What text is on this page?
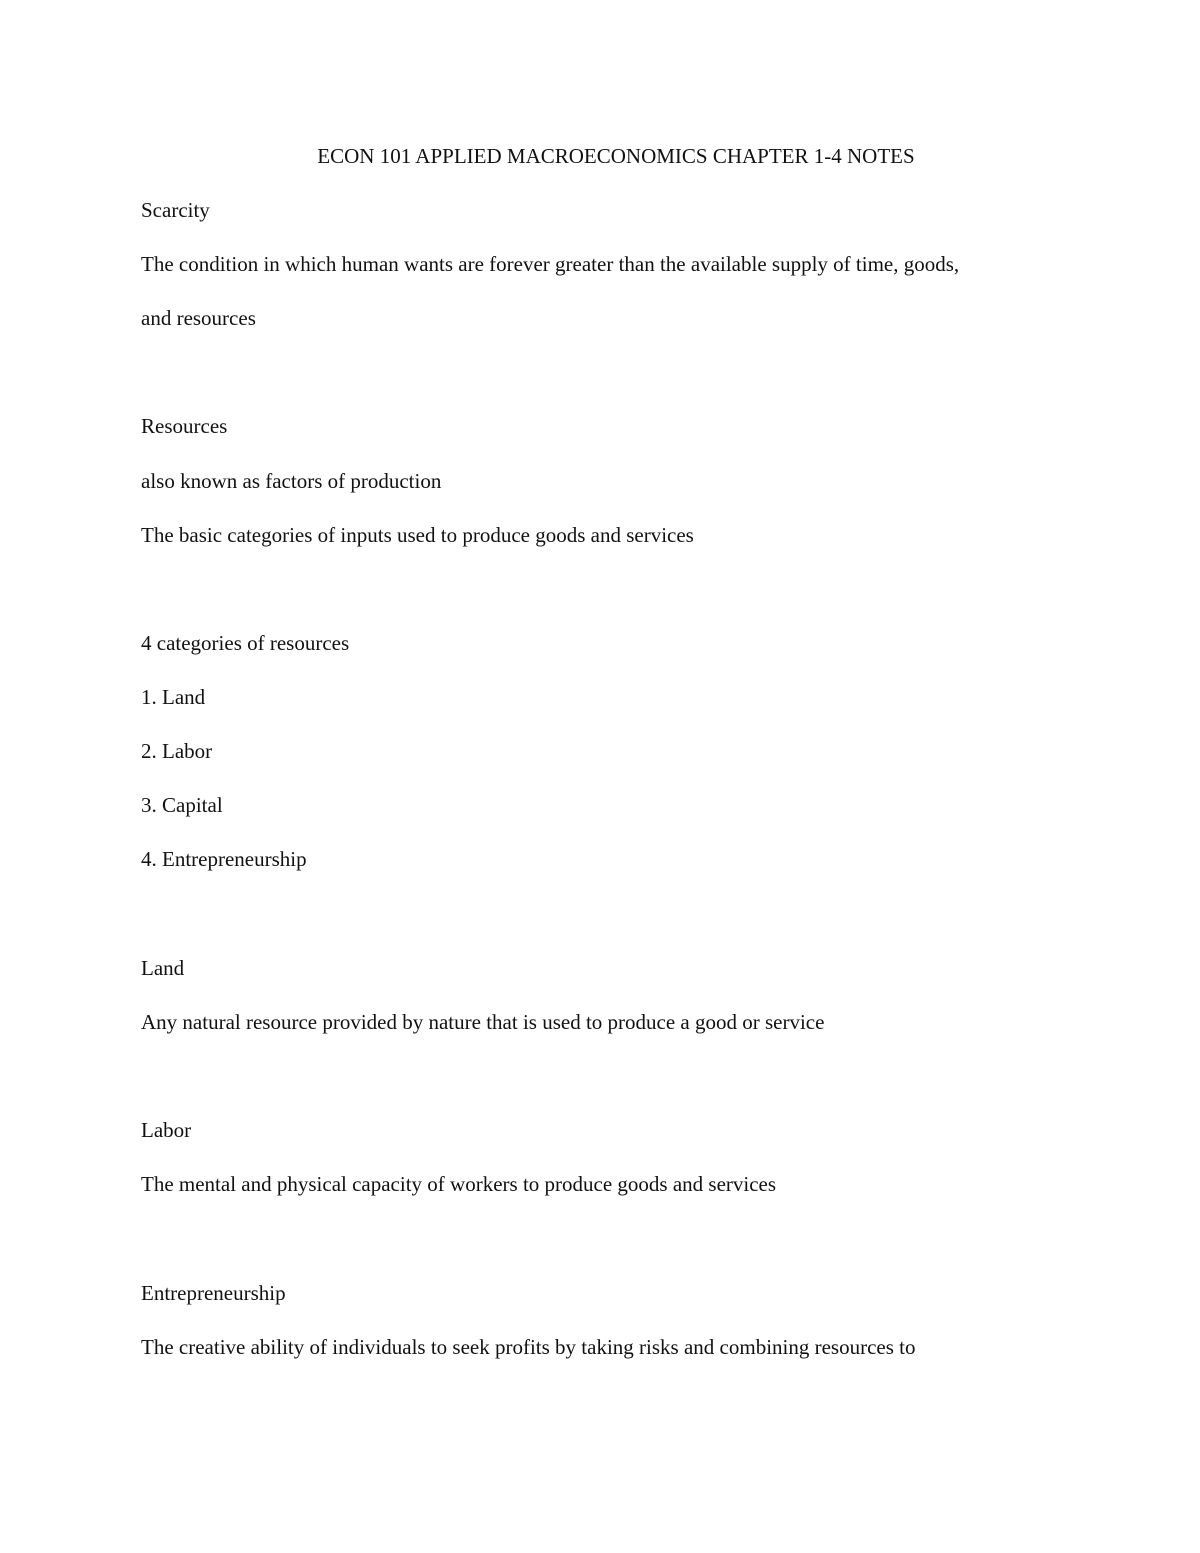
ECON 101 APPLIED MACROECONOMICS CHAPTER 1-4 NOTES
Scarcity
The condition in which human wants are forever greater than the available supply of time, goods,
and resources
Resources
also known as factors of production
The basic categories of inputs used to produce goods and services
4 categories of resources
1. Land
2. Labor
3. Capital
4. Entrepreneurship
Land
Any natural resource provided by nature that is used to produce a good or service
Labor
The mental and physical capacity of workers to produce goods and services
Entrepreneurship
The creative ability of individuals to seek profits by taking risks and combining resources to
